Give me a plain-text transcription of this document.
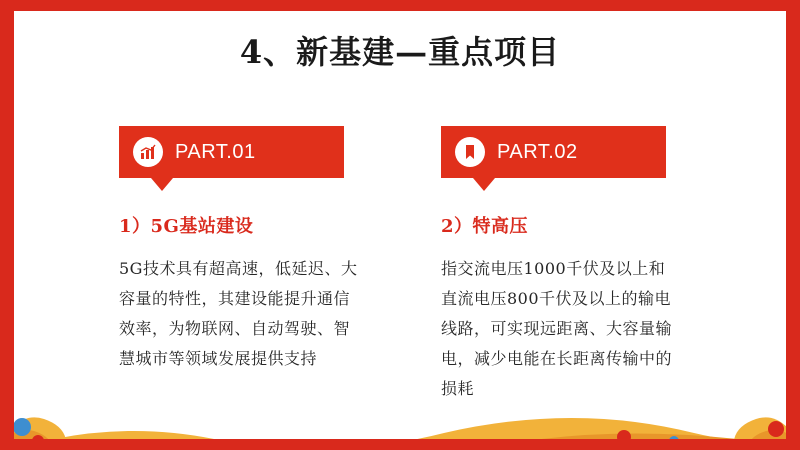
4、新基建—重点项目
PART.01
1）5G基站建设
5G技术具有超高速，低延迟、大容量的特性，其建设能提升通信效率，为物联网、自动驾驶、智慧城市等领域发展提供支持
PART.02
2）特高压
指交流电压1000千伏及以上和直流电压800千伏及以上的输电线路，可实现远距离、大容量输电，减少电能在长距离传输中的损耗
